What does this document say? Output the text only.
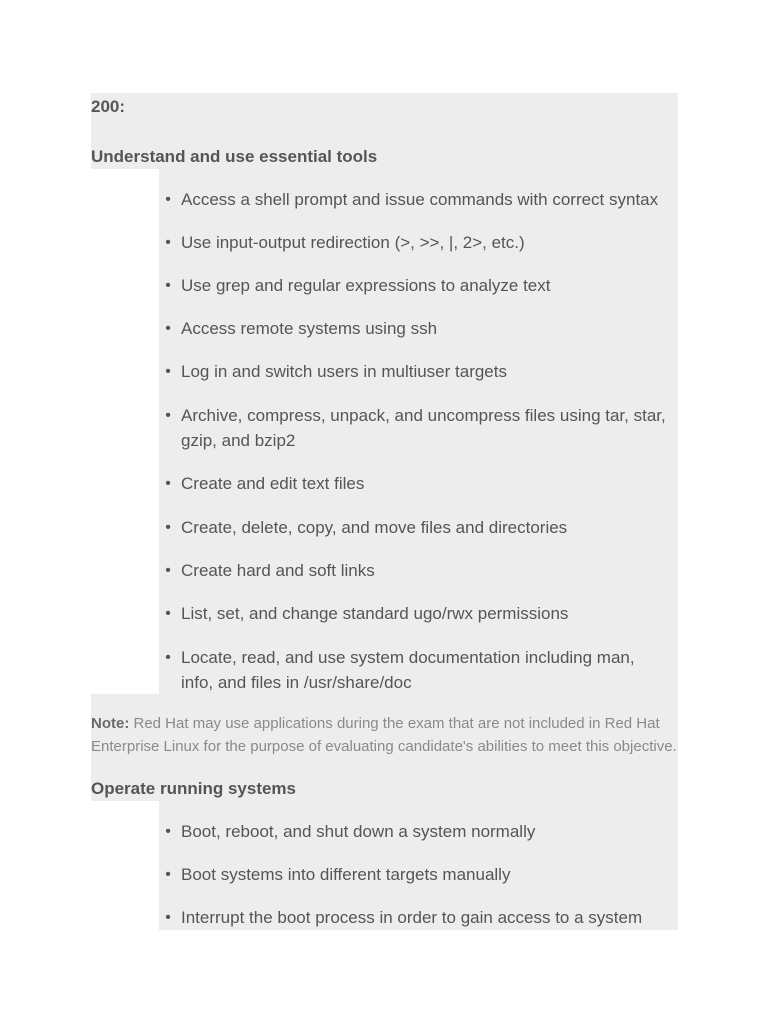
200:
Understand and use essential tools
• Access a shell prompt and issue commands with correct syntax
• Use input-output redirection (>, >>, |, 2>, etc.)
• Use grep and regular expressions to analyze text
• Access remote systems using ssh
• Log in and switch users in multiuser targets
• Archive, compress, unpack, and uncompress files using tar, star, gzip, and bzip2
• Create and edit text files
• Create, delete, copy, and move files and directories
• Create hard and soft links
• List, set, and change standard ugo/rwx permissions
• Locate, read, and use system documentation including man, info, and files in /usr/share/doc
Note: Red Hat may use applications during the exam that are not included in Red Hat Enterprise Linux for the purpose of evaluating candidate's abilities to meet this objective.
Operate running systems
• Boot, reboot, and shut down a system normally
• Boot systems into different targets manually
• Interrupt the boot process in order to gain access to a system
